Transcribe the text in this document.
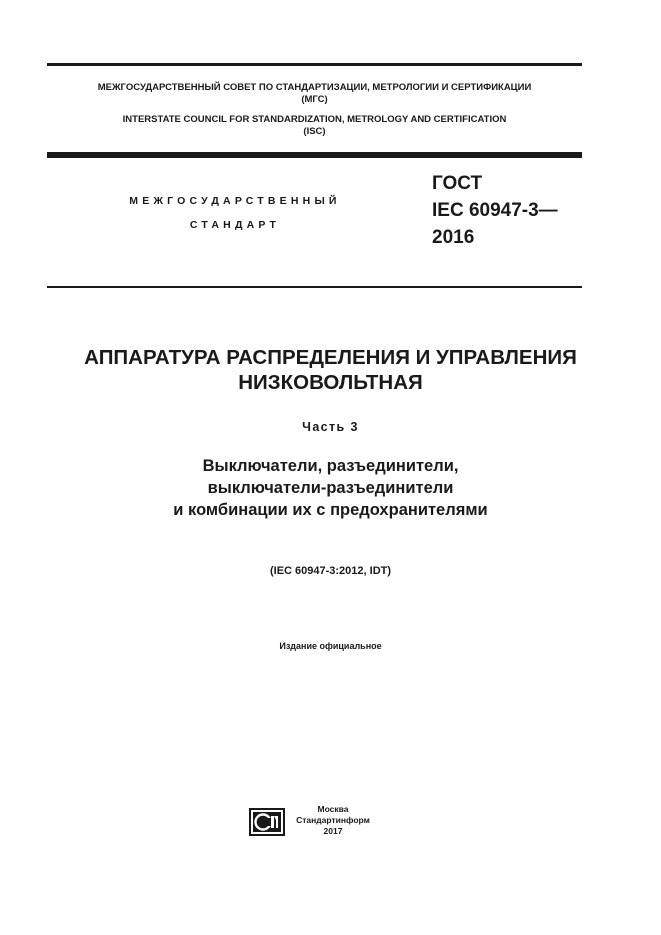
МЕЖГОСУДАРСТВЕННЫЙ СОВЕТ ПО СТАНДАРТИЗАЦИИ, МЕТРОЛОГИИ И СЕРТИФИКАЦИИ
(МГС)
INTERSTATE COUNCIL FOR STANDARDIZATION, METROLOGY AND CERTIFICATION
(ISC)
МЕЖГОСУДАРСТВЕННЫЙ
СТАНДАРТ
ГОСТ
IEC 60947-3—
2016
АППАРАТУРА РАСПРЕДЕЛЕНИЯ И УПРАВЛЕНИЯ
НИЗКОВОЛЬТНАЯ
Часть 3
Выключатели, разъединители,
выключатели-разъединители
и комбинации их с предохранителями
(IEC 60947-3:2012, IDT)
Издание официальное
Москва
Стандартинформ
2017
